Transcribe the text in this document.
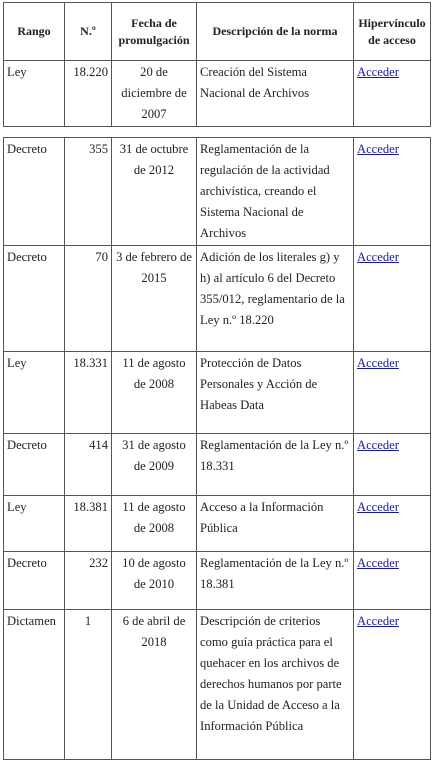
Rango	N.º	Fecha de promulgación	Descripción de la norma	Hipervínculo de acceso
Ley	18.220	20 de diciembre de 2007	Creación del Sistema Nacional de Archivos	Acceder
Decreto	355	31 de octubre de 2012	Reglamentación de la regulación de la actividad archivística, creando el Sistema Nacional de Archivos	Acceder
Decreto	70	3 de febrero de 2015	Adición de los literales g) y h) al artículo 6 del Decreto 355/012, reglamentario de la Ley n.º 18.220	Acceder
Ley	18.331	11 de agosto de 2008	Protección de Datos Personales y Acción de Habeas Data	Acceder
Decreto	414	31 de agosto de 2009	Reglamentación de la Ley n.º 18.331	Acceder
Ley	18.381	11 de agosto de 2008	Acceso a la Información Pública	Acceder
Decreto	232	10 de agosto de 2010	Reglamentación de la Ley n.º 18.381	Acceder
Dictamen	1	6 de abril de 2018	Descripción de criterios como guía práctica para el quehacer en los archivos de derechos humanos por parte de la Unidad de Acceso a la Información Pública	Acceder
